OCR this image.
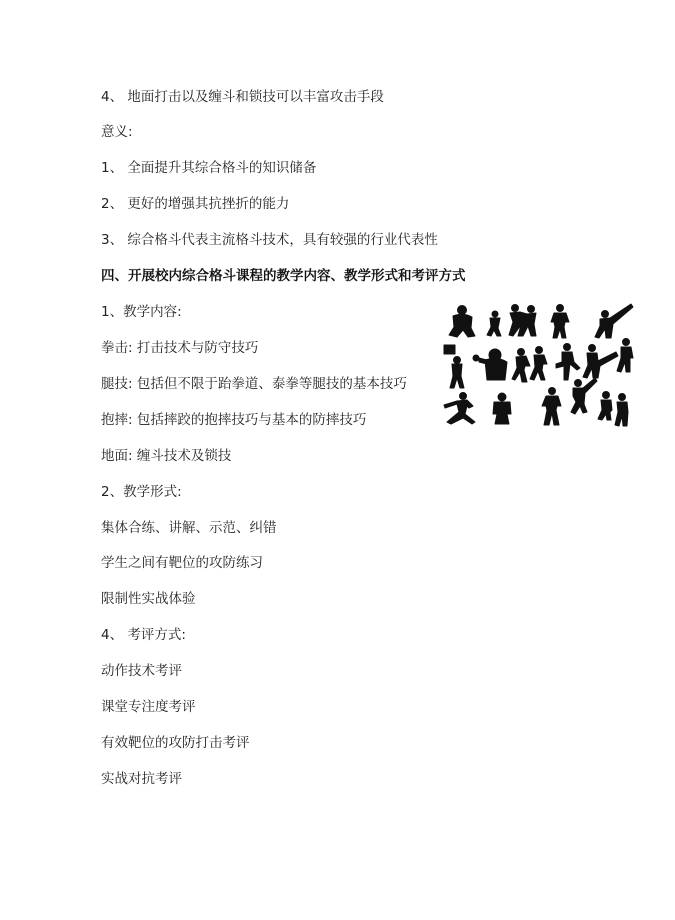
4、 地面打击以及缠斗和锁技可以丰富攻击手段
意义:
1、 全面提升其综合格斗的知识储备
2、 更好的增强其抗挫折的能力
3、 综合格斗代表主流格斗技术，具有较强的行业代表性
四、开展校内综合格斗课程的教学内容、教学形式和考评方式
1、教学内容:
拳击: 打击技术与防守技巧
腿技: 包括但不限于跆拳道、泰拳等腿技的基本技巧
抱摔: 包括摔跤的抱摔技巧与基本的防摔技巧
地面: 缠斗技术及锁技
2、教学形式:
集体合练、讲解、示范、纠错
学生之间有靶位的攻防练习
限制性实战体验
4、 考评方式:
动作技术考评
课堂专注度考评
有效靶位的攻防打击考评
实战对抗考评
